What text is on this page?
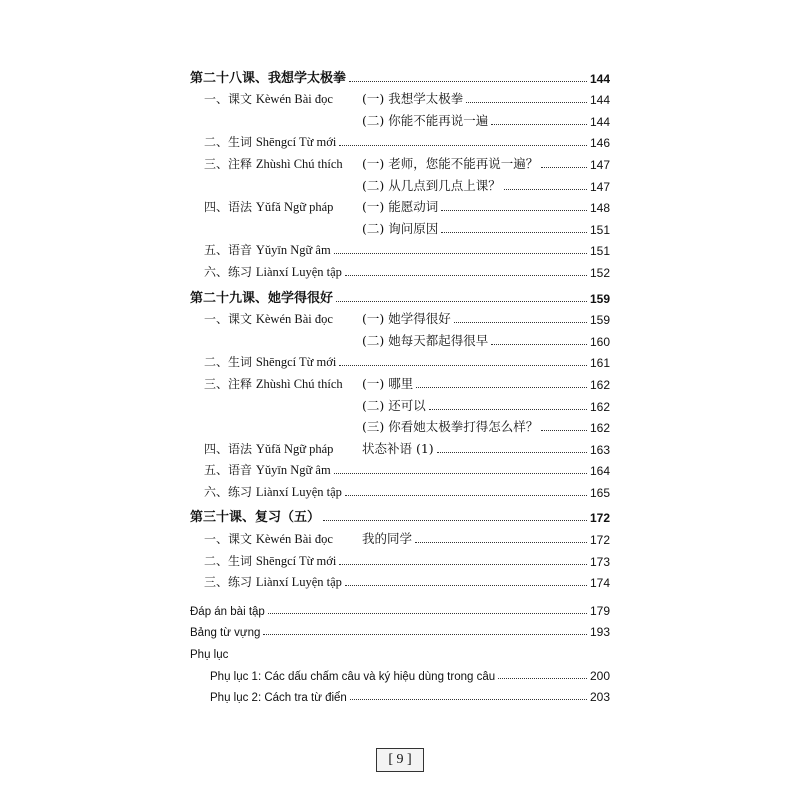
第二十八课、我想学太极拳	144
一、课文 Kèwén Bài đọc	(一) 我想学太极拳	144
(二) 你能不能再说一遍	144
二、生词 Shēngcí Từ mới	146
三、注释 Zhùshì Chú thích	(一) 老师，您能不能再说一遍？	147
(二) 从几点到几点上课？	147
四、语法 Yǔfǎ Ngữ pháp	(一) 能愿动词	148
(二) 询问原因	151
五、语音 Yǔyīn Ngữ âm	151
六、练习 Liànxí Luyện tập	152
第二十九课、她学得很好	159
一、课文 Kèwén Bài đọc	(一) 她学得很好	159
(二) 她每天都起得很早	160
二、生词 Shēngcí Từ mới	161
三、注释 Zhùshì Chú thích	(一) 哪里	162
(二) 还可以	162
(三) 你看她太极拳打得怎么样？	162
四、语法 Yǔfǎ Ngữ pháp	状态补语 (1)	163
五、语音 Yǔyīn Ngữ âm	164
六、练习 Liànxí Luyện tập	165
第三十课、复习（五）	172
一、课文 Kèwén Bài đọc	我的同学	172
二、生词 Shēngcí Từ mới	173
三、练习 Liànxí Luyện tập	174
Đáp án bài tập	179
Bảng từ vựng	193
Phụ lục
Phụ lục 1: Các dấu chấm câu và ký hiệu dùng trong câu	200
Phụ lục 2: Cách tra từ điển	203
[ 9 ]
